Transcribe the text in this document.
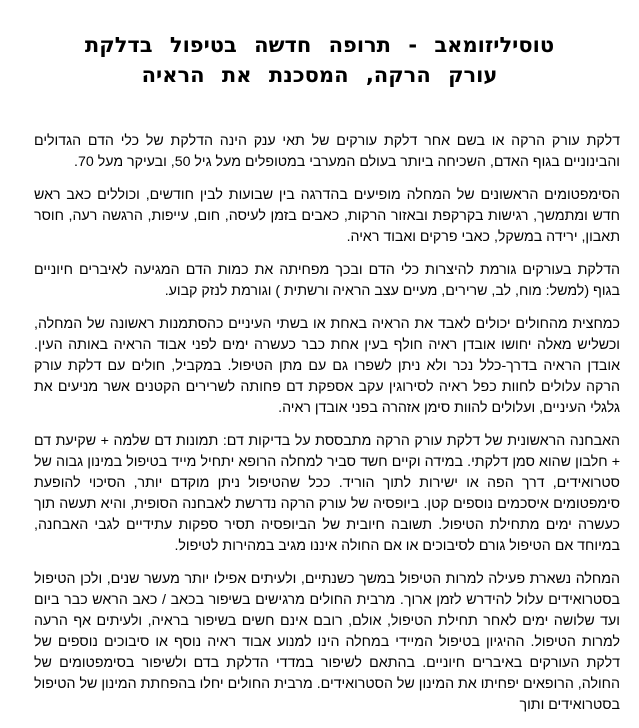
טוסיליזומאב - תרופה חדשה בטיפול בדלקת
עורק הרקה, המסכנת את הראיה

דלקת עורק הרקה או בשם אחר דלקת עורקים של תאי ענק הינה הדלקת של כלי הדם הגדולים והבינוניים בגוף האדם, השכיחה ביותר בעולם המערבי במטופלים מעל גיל 50, ובעיקר מעל 70.

הסימפטומים הראשונים של המחלה מופיעים בהדרגה בין שבועות לבין חודשים, וכוללים כאב ראש חדש ומתמשך, רגישות בקרקפת ובאזור הרקות, כאבים בזמן לעיסה, חום, עייפות, הרגשה רעה, חוסר תאבון, ירידה במשקל, כאבי פרקים ואבוד ראיה.

הדלקת בעורקים גורמת להיצרות כלי הדם ובכך מפחיתה את כמות הדם המגיעה לאיברים חיוניים בגוף (למשל: מוח, לב, שרירים, מעיים עצב הראיה ורשתית ) וגורמת לנזק קבוע.

כמחצית מהחולים יכולים לאבד את הראיה באחת או בשתי העיניים כהסתמנות ראשונה של המחלה, וכשליש מאלה יחושו אובדן ראיה חולף בעין אחת כבר כעשרה ימים לפני אבוד הראיה באותה העין. אובדן הראיה בדרך-כלל נכר ולא ניתן לשפרו גם עם מתן הטיפול. במקביל, חולים עם דלקת עורק הרקה עלולים לחוות כפל ראיה לסירוגין עקב אספקת דם פחותה לשרירים הקטנים אשר מניעים את גלגלי העיניים, ועלולים להוות סימן אזהרה בפני אובדן ראיה.

האבחנה הראשונית של דלקת עורק הרקה מתבססת על בדיקות דם: תמונות דם שלמה + שקיעת דם + חלבון שהוא סמן דלקתי. במידה וקיים חשד סביר למחלה הרופא יתחיל מייד בטיפול במינון גבוה של סטרואידים, דרך הפה או ישירות לתוך הוריד. ככל שהטיפול ניתן מוקדם יותר, הסיכוי להופעת סימפטומים איסכמים נוספים קטן. ביופסיה של עורק הרקה נדרשת לאבחנה הסופית, והיא תעשה תוך כעשרה ימים מתחילת הטיפול. תשובה חיובית של הביופסיה תסיר ספקות עתידיים לגבי האבחנה, במיוחד אם הטיפול גורם לסיבוכים או אם החולה איננו מגיב במהירות לטיפול.

המחלה נשארת פעילה למרות הטיפול במשך כשנתיים, ולעיתים אפילו יותר מעשר שנים, ולכן הטיפול בסטרואידים עלול להידרש לזמן ארוך. מרבית החולים מרגישים בשיפור בכאב / כאב הראש כבר ביום ועד שלושה ימים לאחר תחילת הטיפול, אולם, רובם אינם חשים בשיפור בראיה, ולעיתים אף הרעה למרות הטיפול. ההיגיון בטיפול המיידי במחלה הינו למנוע אבוד ראיה נוסף או סיבוכים נוספים של דלקת העורקים באיברים חיוניים. בהתאם לשיפור במדדי הדלקת בדם ולשיפור בסימפטומים של החולה, הרופאים יפחיתו את המינון של הסטרואידים. מרבית החולים יחלו בהפחתת המינון של הטיפול בסטרואידים ותוך
